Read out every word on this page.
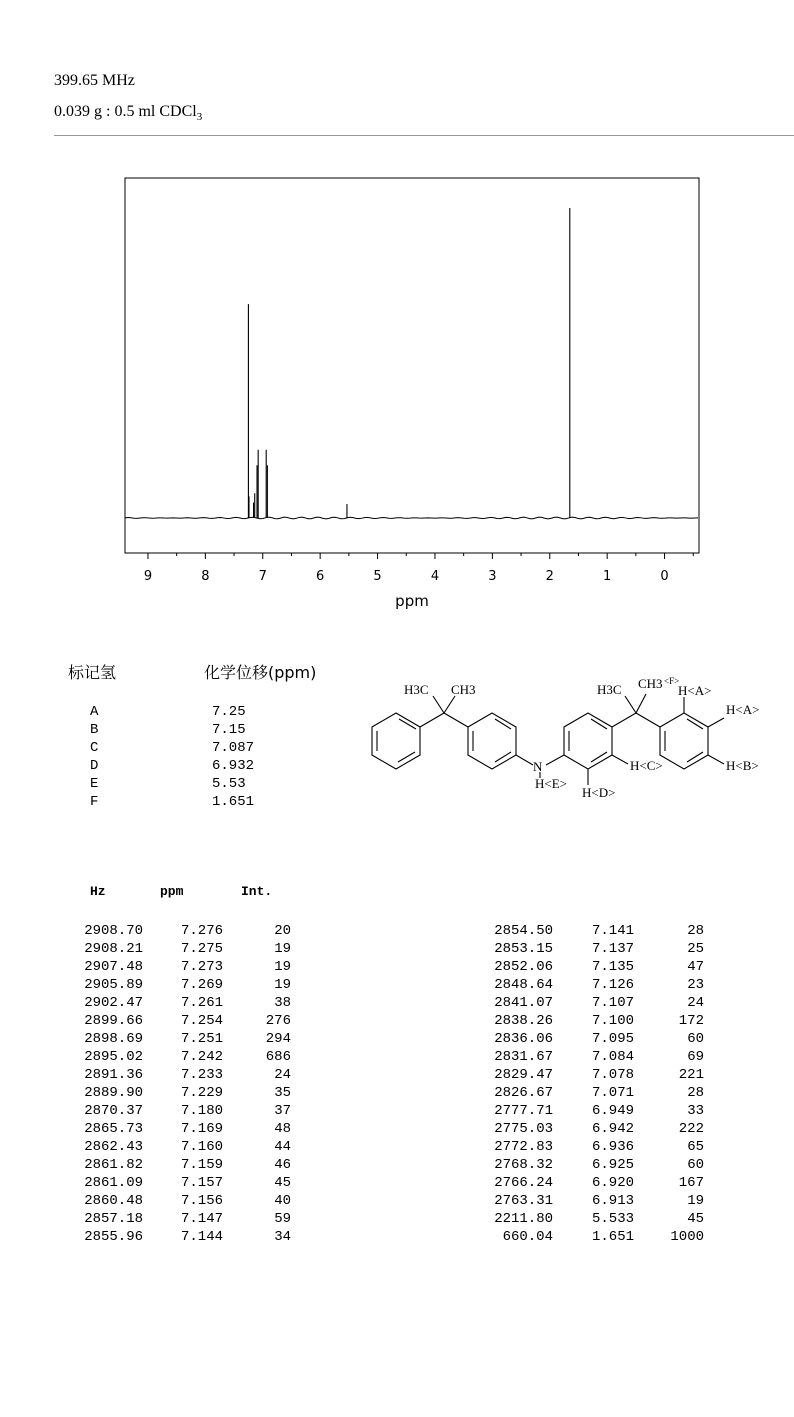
399.65 MHz
0.039 g : 0.5 ml CDCl$_3$
9	8	7	6	5	4	3	2	1	0
ppm
标记氢	化学位移(ppm)
A	7.25
B	7.15
C	7.087
D	6.932
E	5.53
F	1.651
H3C CH3	H3C CH3 <F>
N
H<E>
H<A>
H<A>
H<B>
H<C>
H<D>
Hz	ppm	Int.
2908.70	7.276	20
2908.21	7.275	19
2907.48	7.273	19
2905.89	7.269	19
2902.47	7.261	38
2899.66	7.254	276
2898.69	7.251	294
2895.02	7.242	686
2891.36	7.233	24
2889.90	7.229	35
2870.37	7.180	37
2865.73	7.169	48
2862.43	7.160	44
2861.82	7.159	46
2861.09	7.157	45
2860.48	7.156	40
2857.18	7.147	59
2855.96	7.144	34
2854.50	7.141	28
2853.15	7.137	25
2852.06	7.135	47
2848.64	7.126	23
2841.07	7.107	24
2838.26	7.100	172
2836.06	7.095	60
2831.67	7.084	69
2829.47	7.078	221
2826.67	7.071	28
2777.71	6.949	33
2775.03	6.942	222
2772.83	6.936	65
2768.32	6.925	60
2766.24	6.920	167
2763.31	6.913	19
2211.80	5.533	45
660.04	1.651	1000
